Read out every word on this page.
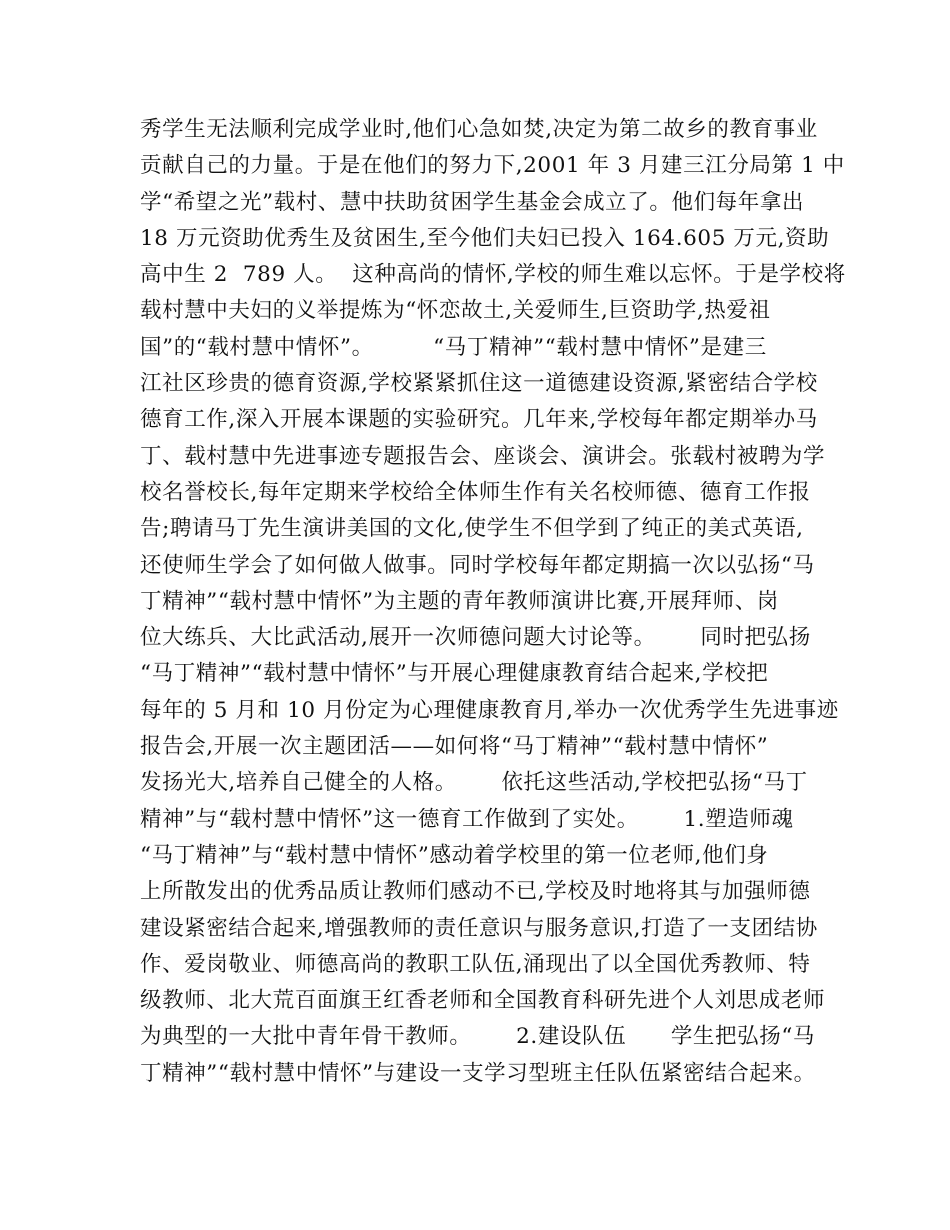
秀学生无法顺利完成学业时,他们心急如焚,决定为第二故乡的教育事业
贡献自己的力量。于是在他们的努力下,2001 年 3 月建三江分局第 1 中
学“希望之光”载村、慧中扶助贫困学生基金会成立了。他们每年拿出
18 万元资助优秀生及贫困生,至今他们夫妇已投入 164.605 万元,资助
高中生 2  789 人。  这种高尚的情怀,学校的师生难以忘怀。于是学校将
载村慧中夫妇的义举提炼为“怀恋故土,关爱师生,巨资助学,热爱祖
国”的“载村慧中情怀”。        “马丁精神”“载村慧中情怀”是建三
江社区珍贵的德育资源,学校紧紧抓住这一道德建设资源,紧密结合学校
德育工作,深入开展本课题的实验研究。几年来,学校每年都定期举办马
丁、载村慧中先进事迹专题报告会、座谈会、演讲会。张载村被聘为学
校名誉校长,每年定期来学校给全体师生作有关名校师德、德育工作报
告;聘请马丁先生演讲美国的文化,使学生不但学到了纯正的美式英语,
还使师生学会了如何做人做事。同时学校每年都定期搞一次以弘扬“马
丁精神”“载村慧中情怀”为主题的青年教师演讲比赛,开展拜师、岗
位大练兵、大比武活动,展开一次师德问题大讨论等。      同时把弘扬
“马丁精神”“载村慧中情怀”与开展心理健康教育结合起来,学校把
每年的 5 月和 10 月份定为心理健康教育月,举办一次优秀学生先进事迹
报告会,开展一次主题团活——如何将“马丁精神”“载村慧中情怀”
发扬光大,培养自己健全的人格。      依托这些活动,学校把弘扬“马丁
精神”与“载村慧中情怀”这一德育工作做到了实处。      1.塑造师魂
“马丁精神”与“载村慧中情怀”感动着学校里的第一位老师,他们身
上所散发出的优秀品质让教师们感动不已,学校及时地将其与加强师德
建设紧密结合起来,增强教师的责任意识与服务意识,打造了一支团结协
作、爱岗敬业、师德高尚的教职工队伍,涌现出了以全国优秀教师、特
级教师、北大荒百面旗王红香老师和全国教育科研先进个人刘思成老师
为典型的一大批中青年骨干教师。      2.建设队伍      学生把弘扬“马
丁精神”“载村慧中情怀”与建设一支学习型班主任队伍紧密结合起来。
